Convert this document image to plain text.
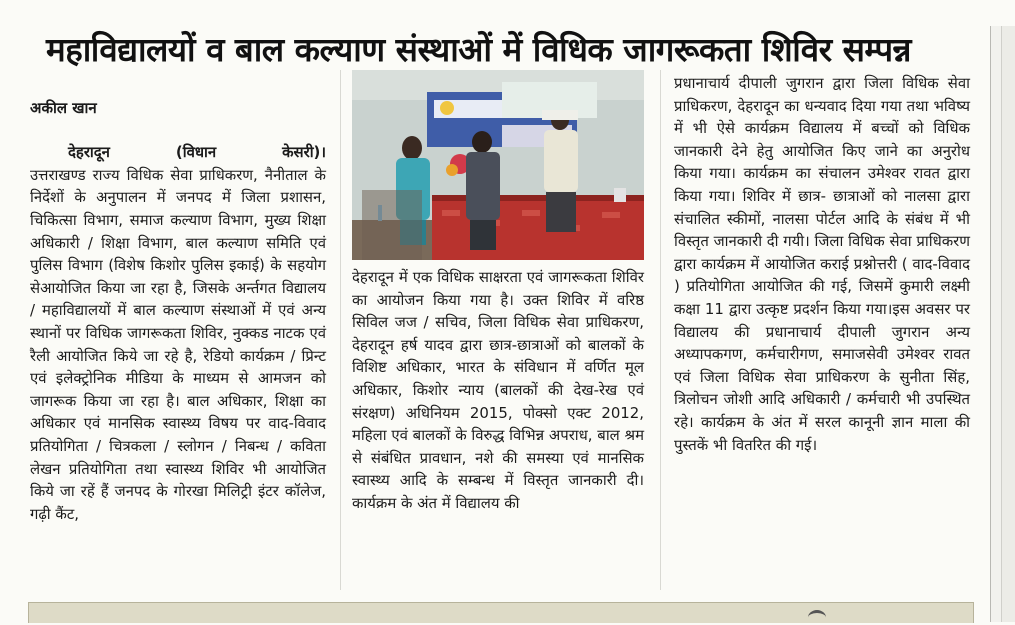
महाविद्यालयों व बाल कल्याण संस्थाओं में विधिक जागरूकता शिविर सम्पन्न

अकील खान

देहरादून (विधान केसरी)। उत्तराखण्ड राज्य विधिक सेवा प्राधिकरण, नैनीताल के निर्देशों के अनुपालन में जनपद में जिला प्रशासन, चिकित्सा विभाग, समाज कल्याण विभाग, मुख्य शिक्षा अधिकारी / शिक्षा विभाग, बाल कल्याण समिति एवं पुलिस विभाग (विशेष किशोर पुलिस इकाई) के सहयोग सेआयोजित किया जा रहा है, जिसके अर्न्तगत विद्यालय / महाविद्यालयों में बाल कल्याण संस्थाओं में एवं अन्य स्थानों पर विधिक जागरूकता शिविर, नुक्कड नाटक एवं रैली आयोजित किये जा रहे है, रेडियो कार्यक्रम / प्रिन्ट एवं इलेक्ट्रोनिक मीडिया के माध्यम से आमजन को जागरूक किया जा रहा है। बाल अधिकार, शिक्षा का अधिकार एवं मानसिक स्वास्थ्य विषय पर वाद-विवाद प्रतियोगिता / चित्रकला / स्लोगन / निबन्ध / कविता लेखन प्रतियोगिता तथा स्वास्थ्य शिविर भी आयोजित किये जा रहें हैं जनपद के गोरखा मिलिट्री इंटर कॉलेज, गढ़ी कैंट,

देहरादून में एक विधिक साक्षरता एवं जागरूकता शिविर का आयोजन किया गया है। उक्त शिविर में वरिष्ठ सिविल जज / सचिव, जिला विधिक सेवा प्राधिकरण, देहरादून हर्ष यादव द्वारा छात्र-छात्राओं को बालकों के विशिष्ट अधिकार, भारत के संविधान में वर्णित मूल अधिकार, किशोर न्याय (बालकों की देख-रेख एवं संरक्षण) अधिनियम 2015, पोक्सो एक्ट 2012, महिला एवं बालकों के विरुद्ध विभिन्न अपराध, बाल श्रम से संबंधित प्रावधान, नशे की समस्या एवं मानसिक स्वास्थ्य आदि के सम्बन्ध में विस्तृत जानकारी दी। कार्यक्रम के अंत में विद्यालय की
प्रधानाचार्य दीपाली जुगरान द्वारा जिला विधिक सेवा प्राधिकरण, देहरादून का धन्यवाद दिया गया तथा भविष्य में भी ऐसे कार्यक्रम विद्यालय में बच्चों को विधिक जानकारी देने हेतु आयोजित किए जाने का अनुरोध किया गया। कार्यक्रम का संचालन उमेश्वर रावत द्वारा किया गया। शिविर में छात्र- छात्राओं को नालसा द्वारा संचालित स्कीमों, नालसा पोर्टल आदि के संबंध में भी विस्तृत जानकारी दी गयी। जिला विधिक सेवा प्राधिकरण द्वारा कार्यक्रम में आयोजित कराई प्रश्नोत्तरी ( वाद-विवाद ) प्रतियोगिता आयोजित की गई, जिसमें कुमारी लक्ष्मी कक्षा 11 द्वारा उत्कृष्ट प्रदर्शन किया गया।इस अवसर पर विद्यालय की प्रधानाचार्य दीपाली जुगरान अन्य अध्यापकगण, कर्मचारीगण, समाजसेवी उमेश्वर रावत एवं जिला विधिक सेवा प्राधिकरण के सुनीता सिंह, त्रिलोचन जोशी आदि अधिकारी / कर्मचारी भी उपस्थित रहे। कार्यक्रम के अंत में सरल कानूनी ज्ञान माला की पुस्तकें भी वितरित की गई।
